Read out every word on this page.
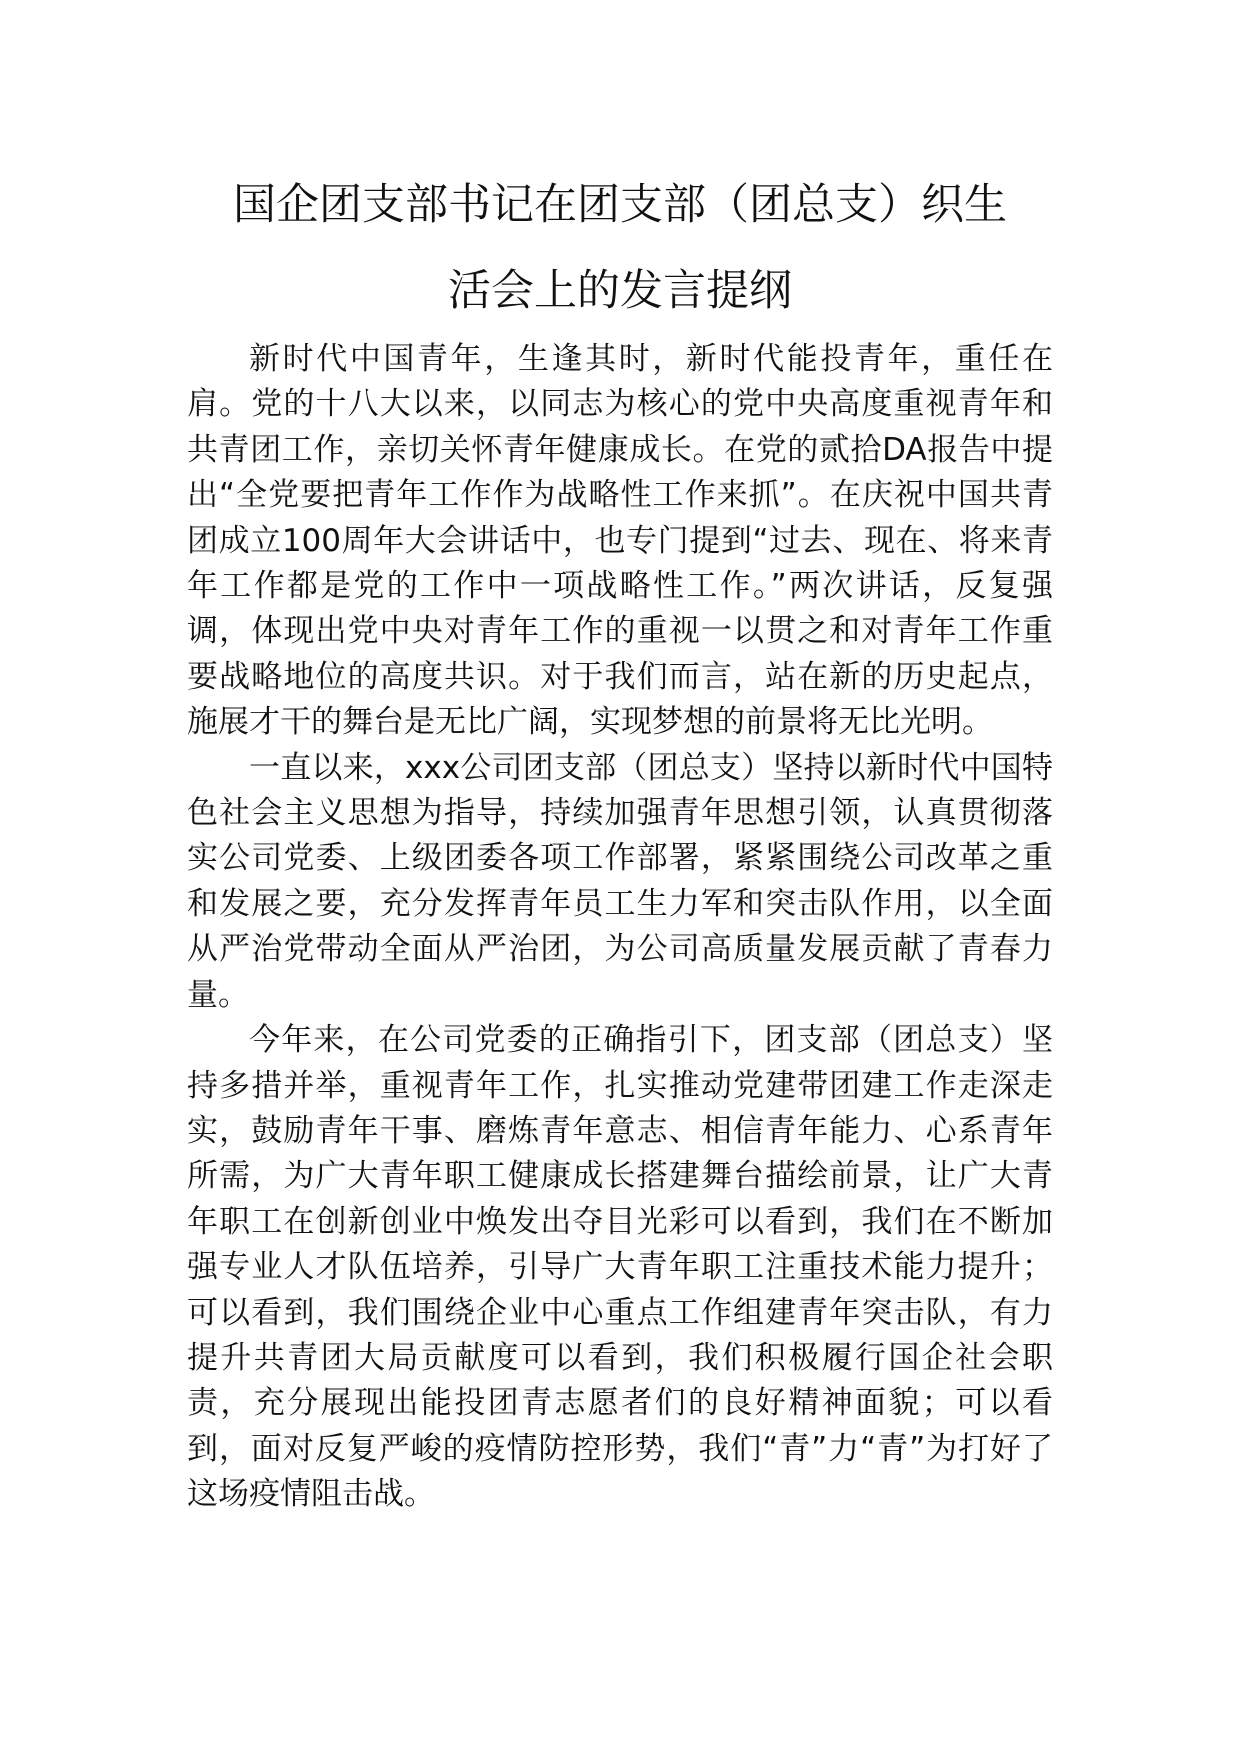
国企团支部书记在团支部（团总支）织生
活会上的发言提纲

新时代中国青年，生逢其时，新时代能投青年，重任在肩。党的十八大以来，以同志为核心的党中央高度重视青年和共青团工作，亲切关怀青年健康成长。在党的贰拾DA报告中提出“全党要把青年工作作为战略性工作来抓”。在庆祝中国共青团成立100周年大会讲话中，也专门提到“过去、现在、将来青年工作都是党的工作中一项战略性工作。”两次讲话，反复强调，体现出党中央对青年工作的重视一以贯之和对青年工作重要战略地位的高度共识。对于我们而言，站在新的历史起点，施展才干的舞台是无比广阔，实现梦想的前景将无比光明。

一直以来，xxx公司团支部（团总支）坚持以新时代中国特色社会主义思想为指导，持续加强青年思想引领，认真贯彻落实公司党委、上级团委各项工作部署，紧紧围绕公司改革之重和发展之要，充分发挥青年员工生力军和突击队作用，以全面从严治党带动全面从严治团，为公司高质量发展贡献了青春力量。

今年来，在公司党委的正确指引下，团支部（团总支）坚持多措并举，重视青年工作，扎实推动党建带团建工作走深走实，鼓励青年干事、磨炼青年意志、相信青年能力、心系青年所需，为广大青年职工健康成长搭建舞台描绘前景，让广大青年职工在创新创业中焕发出夺目光彩可以看到，我们在不断加强专业人才队伍培养，引导广大青年职工注重技术能力提升；可以看到，我们围绕企业中心重点工作组建青年突击队，有力提升共青团大局贡献度可以看到，我们积极履行国企社会职责，充分展现出能投团青志愿者们的良好精神面貌；可以看到，面对反复严峻的疫情防控形势，我们“青”力“青”为打好了这场疫情阻击战。
